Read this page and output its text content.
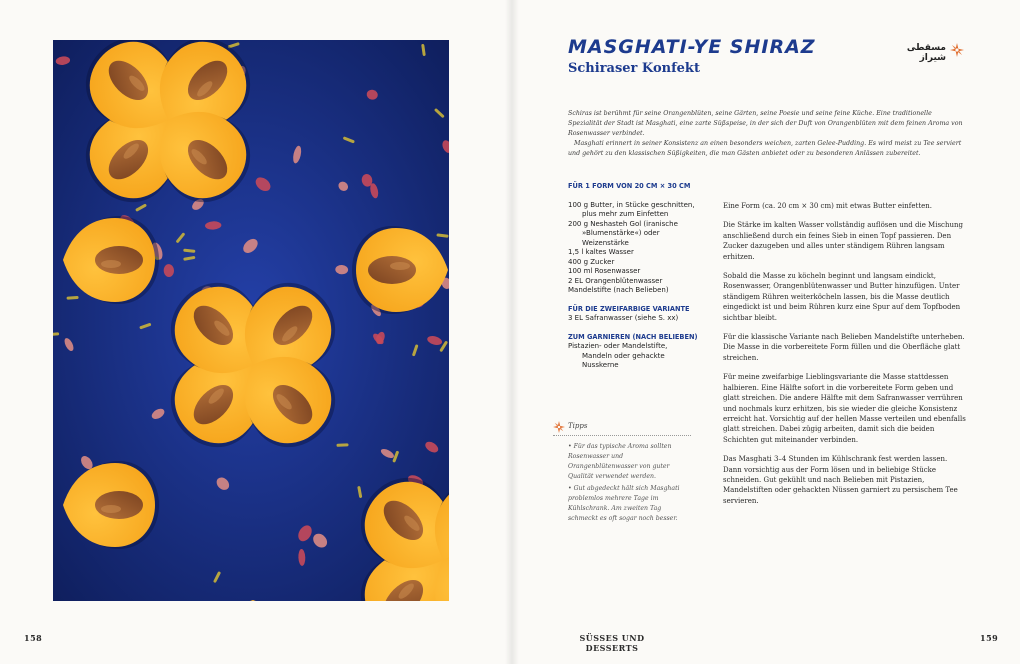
158
MASGHATI-YE SHIRAZ
Schiraser Konfekt
مسقطی شیراز

Schiras ist berühmt für seine Orangenblüten, seine Gärten, seine Poesie und seine feine Küche. Eine traditionelle Spezialität der Stadt ist Masghati, eine zarte Süßspeise, in der sich der Duft von Orangenblüten mit dem feinen Aroma von Rosenwasser verbindet.

Masghati erinnert in seiner Konsistenz an einen besonders weichen, zarten Gelee-Pudding. Es wird meist zu Tee serviert und gehört zu den klassischen Süßigkeiten, die man Gästen anbietet oder zu besonderen Anlässen zubereitet.

FÜR 1 FORM VON 20 CM × 30 CM
100 g Butter, in Stücke geschnitten, plus mehr zum Einfetten
200 g Neshasteh Gol (iranische »Blumenstärke«) oder Weizenstärke
1,5 l kaltes Wasser
400 g Zucker
100 ml Rosenwasser
2 EL Orangenblütenwasser
Mandelstifte (nach Belieben)
FÜR DIE ZWEIFARBIGE VARIANTE
3 EL Safranwasser (siehe S. xx)
ZUM GARNIEREN (NACH BELIEBEN)
Pistazien- oder Mandelstifte, Mandeln oder gehackte Nusskerne
Tipps
• Für das typische Aroma sollten Rosenwasser und Orangenblütenwasser von guter Qualität verwendet werden.
• Gut abgedeckt hält sich Masghati problemlos mehrere Tage im Kühlschrank. Am zweiten Tag schmeckt es oft sogar noch besser.

Eine Form (ca. 20 cm × 30 cm) mit etwas Butter einfetten.

Die Stärke im kalten Wasser vollständig auflösen und die Mischung anschließend durch ein feines Sieb in einen Topf passieren. Den Zucker dazugeben und alles unter ständigem Rühren langsam erhitzen.

Sobald die Masse zu köcheln beginnt und langsam eindickt, Rosenwasser, Orangenblütenwasser und Butter hinzufügen. Unter ständigem Rühren weiterköcheln lassen, bis die Masse deutlich eingedickt ist und beim Rühren kurz eine Spur auf dem Topfboden sichtbar bleibt.

Für die klassische Variante nach Belieben Mandelstifte unterheben. Die Masse in die vorbereitete Form füllen und die Oberfläche glatt streichen.

Für meine zweifarbige Lieblingsvariante die Masse stattdessen halbieren. Eine Hälfte sofort in die vorbereitete Form geben und glatt streichen. Die andere Hälfte mit dem Safranwasser verrühren und nochmals kurz erhitzen, bis sie wieder die gleiche Konsistenz erreicht hat. Vorsichtig auf der hellen Masse verteilen und ebenfalls glatt streichen. Dabei zügig arbeiten, damit sich die beiden Schichten gut miteinander verbinden.

Das Masghati 3–4 Stunden im Kühlschrank fest werden lassen. Dann vorsichtig aus der Form lösen und in beliebige Stücke schneiden. Gut gekühlt und nach Belieben mit Pistazien, Mandelstiften oder gehackten Nüssen garniert zu persischem Tee servieren.

SÜSSES UND DESSERTS
159
